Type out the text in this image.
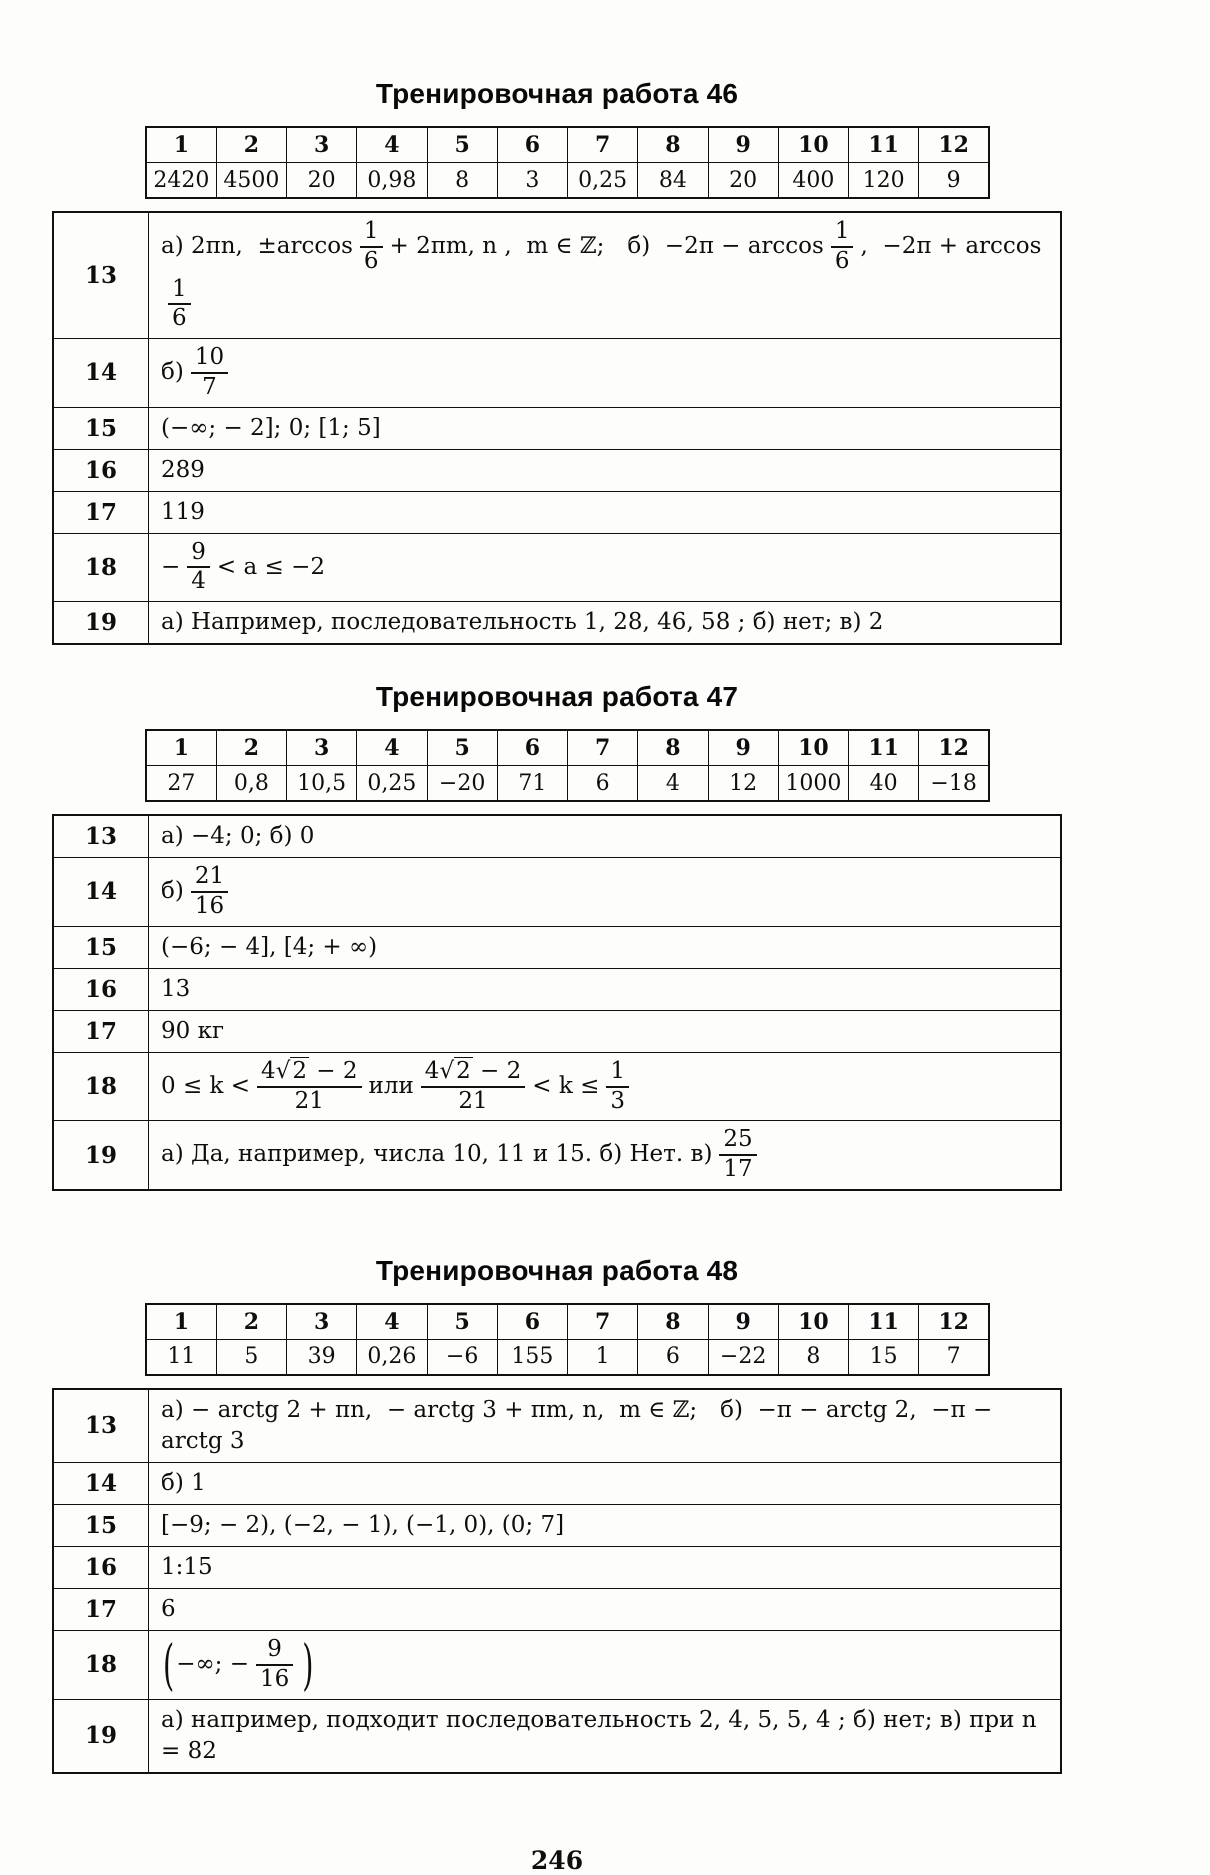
Тренировочная работа 46
1	2	3	4	5	6	7	8	9	10	11	12
2420	4500	20	0,98	8	3	0,25	84	20	400	120	9
13	а) 2πn,  $\pm\arccos \frac{1}{6} + 2\pi m$, n ,  m ∈ ℤ;  $б) -2\pi - \arccos \frac{1}{6}$ ,  −2π + arccos
$\frac{1}{6}$

14	$б) \frac{10}{7}$

15	(−∞; − 2]; 0; [1; 5]
16	289
17	119
18	− $\frac{9}{4} < a \le -2$
19	а) Например, последовательность 1, 28, 46, 58 ; б) нет; в) 2
Тренировочная работа 47
1	2	3	4	5	6	7	8	9	10	11	12
27	0,8	10,5	0,25	−20	71	6	4	12	1000	40	−18
13	а) −4; 0; б) 0
14	$б) \frac{21}{16}$

15	(−6; − 4], [4; + ∞)
16	13
17	90 кг
18	$0 \le k < \frac{4√2 - 2}{21}$ или $\frac{4√2 - 2}{21} < k \le \frac{1}{3}$

19	а) Да, например, числа 10, 11 и 15. б) Нет. $в) \frac{25}{17}$
Тренировочная работа 48
1	2	3	4	5	6	7	8	9	10	11	12
11	5	39	0,26	−6	155	1	6	−22	8	15	7
13	а) − arctg 2 + πn,  − arctg 3 + πm, n,  m ∈ ℤ;  б)  −π − arctg 2,  −π − arctg 3
14	б) 1
15	[−9; − 2), (−2, − 1), (−1, 0), (0; 7]
16	1:15
17	6
18	(−∞; − $\frac{9}{16}$ )
19	а) например, подходит последовательность 2, 4, 5, 5, 4 ; б) нет; в) при n = 82
246
